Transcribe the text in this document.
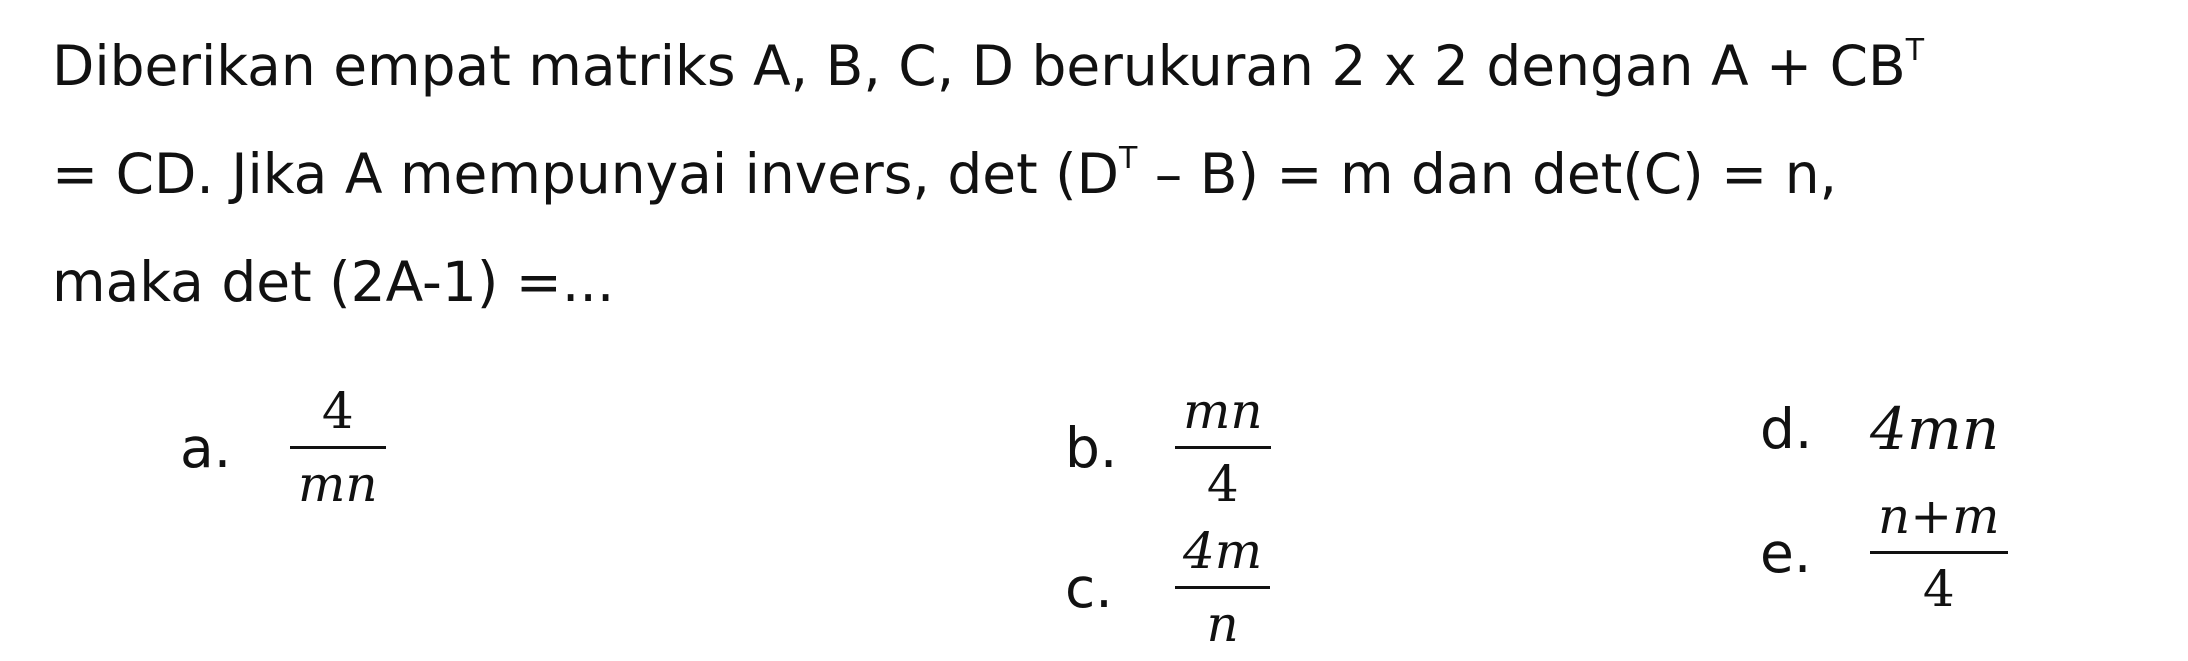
Diberikan empat matriks A, B, C, D berukuran 2 x 2 dengan $A + CB^T$
= CD. Jika A mempunyai invers, $\det (D^T - B) = m$ dan det(C) = n,
maka det (2A-1) =...
a.	$\frac{4}{mn}$	b.	$\frac{mn}{4}$
c.	$\frac{4m}{n}$
d. 4mn
e.	$\frac{n+m}{4}$
